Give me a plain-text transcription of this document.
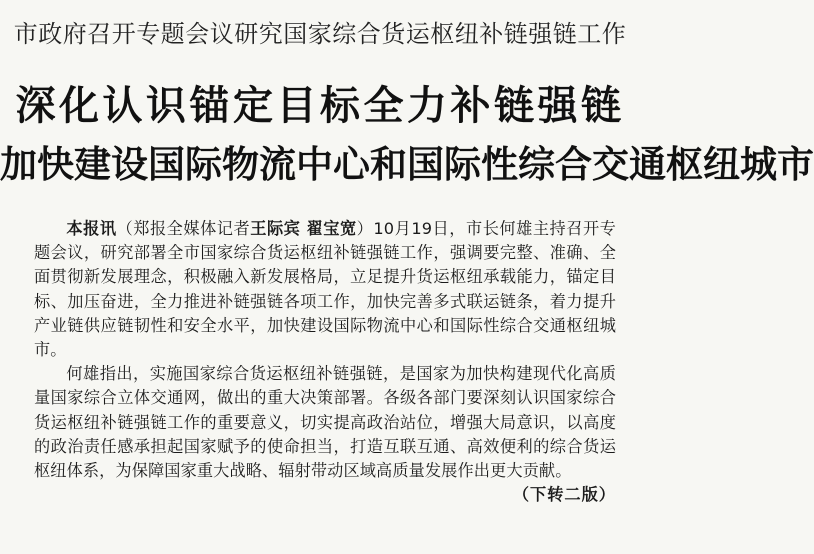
市政府召开专题会议研究国家综合货运枢纽补链强链工作
深化认识锚定目标全力补链强链
加快建设国际物流中心和国际性综合交通枢纽城市

本报讯（郑报全媒体记者王际宾 翟宝宽）10月19日，市长何雄主持召开专题会议，研究部署全市国家综合货运枢纽补链强链工作，强调要完整、准确、全面贯彻新发展理念，积极融入新发展格局，立足提升货运枢纽承载能力，锚定目标、加压奋进，全力推进补链强链各项工作，加快完善多式联运链条，着力提升产业链供应链韧性和安全水平，加快建设国际物流中心和国际性综合交通枢纽城市。

何雄指出，实施国家综合货运枢纽补链强链，是国家为加快构建现代化高质量国家综合立体交通网，做出的重大决策部署。各级各部门要深刻认识国家综合货运枢纽补链强链工作的重要意义，切实提高政治站位，增强大局意识，以高度的政治责任感承担起国家赋予的使命担当，打造互联互通、高效便利的综合货运枢纽体系，为保障国家重大战略、辐射带动区域高质量发展作出更大贡献。
（下转二版）
